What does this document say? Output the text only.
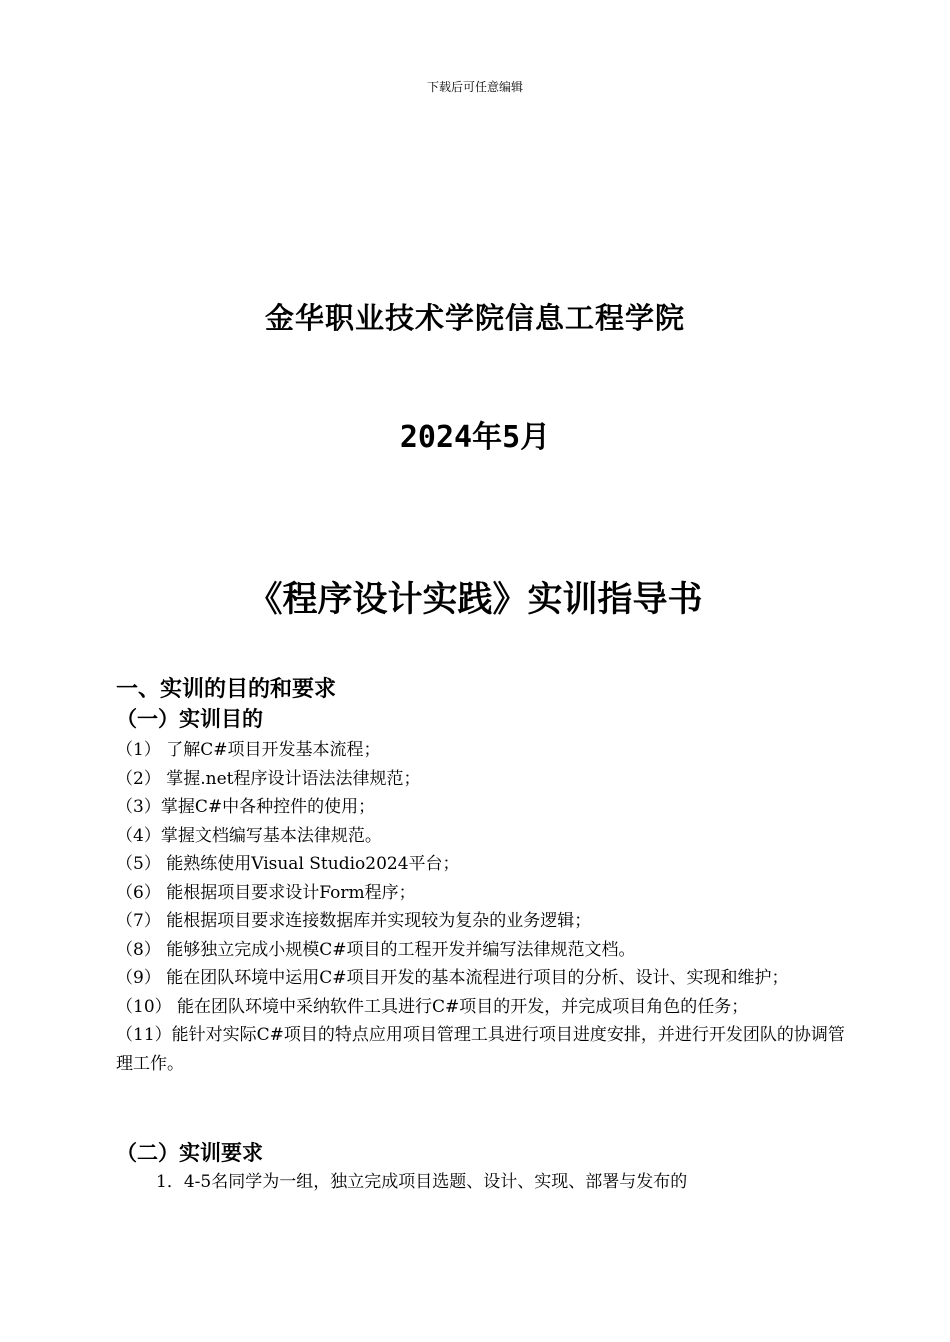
下载后可任意编辑
金华职业技术学院信息工程学院
2024年5月
《程序设计实践》实训指导书
一、实训的目的和要求
（一）实训目的
（1） 了解C#项目开发基本流程；
（2） 掌握.net程序设计语法法律规范；
（3）掌握C#中各种控件的使用；
（4）掌握文档编写基本法律规范。
（5） 能熟练使用Visual Studio2024平台；
（6） 能根据项目要求设计Form程序；
（7） 能根据项目要求连接数据库并实现较为复杂的业务逻辑；
（8） 能够独立完成小规模C#项目的工程开发并编写法律规范文档。
（9） 能在团队环境中运用C#项目开发的基本流程进行项目的分析、设计、实现和维护；
（10） 能在团队环境中采纳软件工具进行C#项目的开发，并完成项目角色的任务；
（11）能针对实际C#项目的特点应用项目管理工具进行项目进度安排，并进行开发团队的协调管理工作。
（二）实训要求
1．4-5名同学为一组，独立完成项目选题、设计、实现、部署与发布的
